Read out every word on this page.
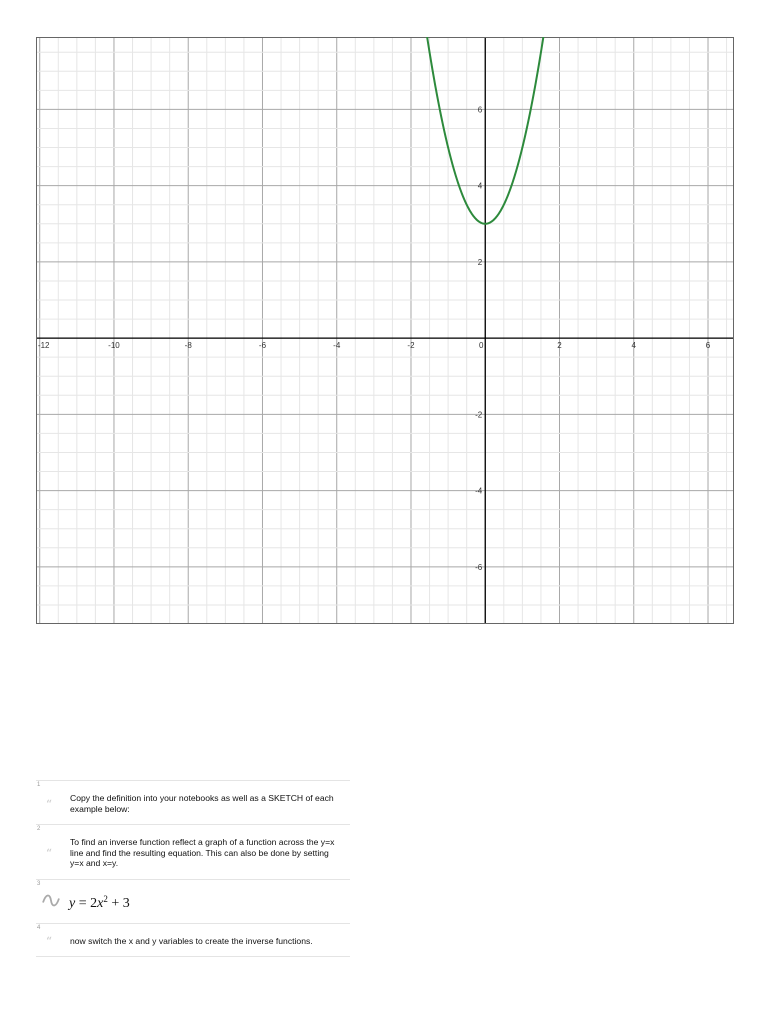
-12	-10	-8	-6	-4	-2	0	2	4	6
-6
-4
-2
2
4
6
1
“	Copy the definition into your notebooks as well as a SKETCH of each example below:
2
“
To find an inverse function reflect a graph of a function across the y=x line and find the resulting equation. This can also be done by setting y=x and x=y.
3
$y = 2x^2 + 3$
4
“	now switch the x and y variables to create the inverse functions.
